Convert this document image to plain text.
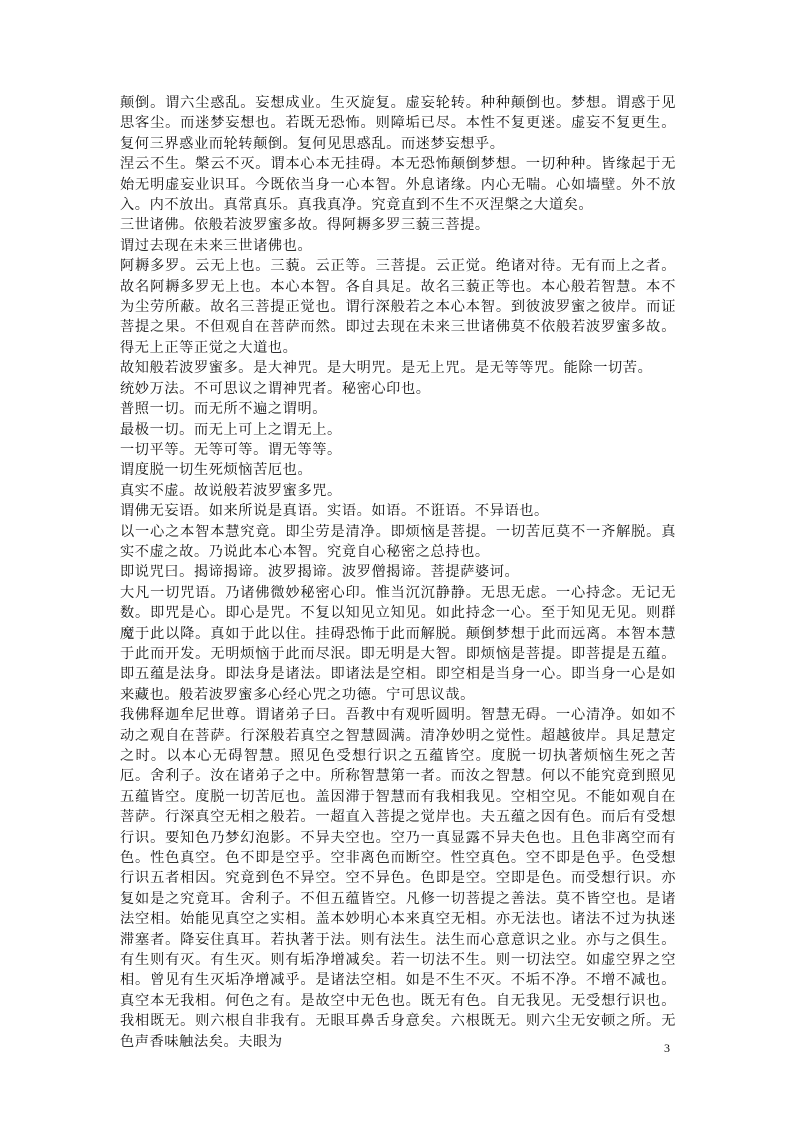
颠倒。谓六尘惑乱。妄想成业。生灭旋复。虚妄轮转。种种颠倒也。梦想。谓惑于见思客尘。而迷梦妄想也。若既无恐怖。则障垢已尽。本性不复更迷。虚妄不复更生。复何三界惑业而轮转颠倒。复何见思惑乱。而迷梦妄想乎。

涅云不生。槃云不灭。谓本心本无挂碍。本无恐怖颠倒梦想。一切种种。皆缘起于无始无明虚妄业识耳。今既依当身一心本智。外息诸缘。内心无喘。心如墙壁。外不放入。内不放出。真常真乐。真我真净。究竟直到不生不灭涅槃之大道矣。

三世诸佛。依般若波罗蜜多故。得阿耨多罗三藐三菩提。

谓过去现在未来三世诸佛也。

阿耨多罗。云无上也。三藐。云正等。三菩提。云正觉。绝诸对待。无有而上之者。故名阿耨多罗无上也。本心本智。各自具足。故名三藐正等也。本心般若智慧。本不为尘劳所蔽。故名三菩提正觉也。谓行深般若之本心本智。到彼波罗蜜之彼岸。而证菩提之果。不但观自在菩萨而然。即过去现在未来三世诸佛莫不依般若波罗蜜多故。得无上正等正觉之大道也。

故知般若波罗蜜多。是大神咒。是大明咒。是无上咒。是无等等咒。能除一切苦。

统妙万法。不可思议之谓神咒者。秘密心印也。

普照一切。而无所不遍之谓明。

最极一切。而无上可上之谓无上。

一切平等。无等可等。谓无等等。

谓度脱一切生死烦恼苦厄也。

真实不虚。故说般若波罗蜜多咒。

谓佛无妄语。如来所说是真语。实语。如语。不诳语。不异语也。

以一心之本智本慧究竟。即尘劳是清净。即烦恼是菩提。一切苦厄莫不一齐解脱。真实不虚之故。乃说此本心本智。究竟自心秘密之总持也。

即说咒曰。揭谛揭谛。波罗揭谛。波罗僧揭谛。菩提萨婆诃。

大凡一切咒语。乃诸佛微妙秘密心印。惟当沉沉静静。无思无虑。一心持念。无记无数。即咒是心。即心是咒。不复以知见立知见。如此持念一心。至于知见无见。则群魔于此以降。真如于此以住。挂碍恐怖于此而解脱。颠倒梦想于此而远离。本智本慧于此而开发。无明烦恼于此而尽泯。即无明是大智。即烦恼是菩提。即菩提是五蕴。即五蕴是法身。即法身是诸法。即诸法是空相。即空相是当身一心。即当身一心是如来藏也。般若波罗蜜多心经心咒之功德。宁可思议哉。

我佛释迦牟尼世尊。谓诸弟子曰。吾教中有观听圆明。智慧无碍。一心清净。如如不动之观自在菩萨。行深般若真空之智慧圆满。清净妙明之觉性。超越彼岸。具足慧定之时。以本心无碍智慧。照见色受想行识之五蕴皆空。度脱一切执著烦恼生死之苦厄。舍利子。汝在诸弟子之中。所称智慧第一者。而汝之智慧。何以不能究竟到照见五蕴皆空。度脱一切苦厄也。盖因滞于智慧而有我相我见。空相空见。不能如观自在菩萨。行深真空无相之般若。一超直入菩提之觉岸也。夫五蕴之因有色。而后有受想行识。要知色乃梦幻泡影。不异夫空也。空乃一真显露不异夫色也。且色非离空而有色。性色真空。色不即是空乎。空非离色而断空。性空真色。空不即是色乎。色受想行识五者相因。究竟到色不异空。空不异色。色即是空。空即是色。而受想行识。亦复如是之究竟耳。舍利子。不但五蕴皆空。凡修一切菩提之善法。莫不皆空也。是诸法空相。始能见真空之实相。盖本妙明心本来真空无相。亦无法也。诸法不过为执迷滞塞者。降妄住真耳。若执著于法。则有法生。法生而心意意识之业。亦与之俱生。有生则有灭。有生灭。则有垢净增减矣。若一切法不生。则一切法空。如虚空界之空相。曾见有生灭垢净增减乎。是诸法空相。如是不生不灭。不垢不净。不增不减也。真空本无我相。何色之有。是故空中无色也。既无有色。自无我见。无受想行识也。我相既无。则六根自非我有。无眼耳鼻舌身意矣。六根既无。则六尘无安顿之所。无色声香味触法矣。夫眼为	3
